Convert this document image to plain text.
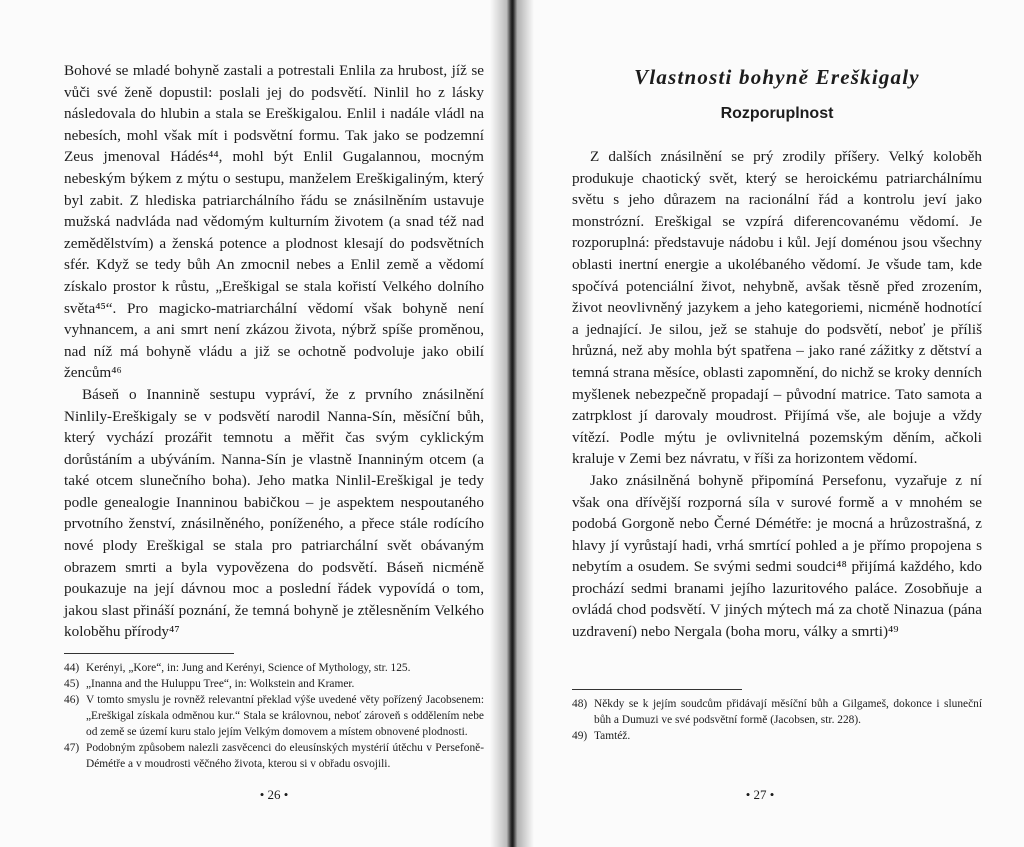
Bohové se mladé bohyně zastali a potrestali Enlila za hrubost, jíž se vůči své ženě dopustil: poslali jej do podsvětí. Ninlil ho z lásky následovala do hlubin a stala se Ereškigalou. Enlil i nadále vládl na nebesích, mohl však mít i podsvětní formu. Tak jako se podzemní Zeus jmenoval Hádés⁴⁴, mohl být Enlil Gugalannou, mocným nebeským býkem z mýtu o sestupu, manželem Ereškigaliným, který byl zabit. Z hlediska patriarchálního řádu se znásilněním ustavuje mužská nadvláda nad vědomým kulturním životem (a snad též nad zemědělstvím) a ženská potence a plodnost klesají do podsvětních sfér. Když se tedy bůh An zmocnil nebes a Enlil země a vědomí získalo prostor k růstu, „Ereškigal se stala kořistí Velkého dolního světa⁴⁵“. Pro magicko-matriarchální vědomí však bohyně není vyhnancem, a ani smrt není zkázou života, nýbrž spíše proměnou, nad níž má bohyně vládu a již se ochotně podvoluje jako obilí žencům⁴⁶

Báseň o Inannině sestupu vypráví, že z prvního znásilnění Ninlily-Ereškigaly se v podsvětí narodil Nanna-Sín, měsíční bůh, který vychází prozářit temnotu a měřit čas svým cyklickým dorůstáním a ubýváním. Nanna-Sín je vlastně Inanniným otcem (a také otcem slunečního boha). Jeho matka Ninlil-Ereškigal je tedy podle genealogie Inanninou babičkou – je aspektem nespoutaného prvotního ženství, znásilněného, poníženého, a přece stále rodícího nové plody Ereškigal se stala pro patriarchální svět obávaným obrazem smrti a byla vypovězena do podsvětí. Báseň nicméně poukazuje na její dávnou moc a poslední řádek vypovídá o tom, jakou slast přináší poznání, že temná bohyně je ztělesněním Velkého koloběhu přírody⁴⁷

44) Kerényi, „Kore“, in: Jung and Kerényi, Science of Mythology, str. 125.
45) „Inanna and the Huluppu Tree“, in: Wolkstein and Kramer.
46) V tomto smyslu je rovněž relevantní překlad výše uvedené věty pořízený Jacobsenem: „Ereškigal získala odměnou kur.“ Stala se královnou, neboť zároveň s oddělením nebe od země se území kuru stalo jejím Velkým domovem a místem obnovené plodnosti.
47) Podobným způsobem nalezli zasvěcenci do eleusínských mystérií útěchu v Persefoně-Démétře a v moudrosti věčného života, kterou si v obřadu osvojili.
• 26 •
Vlastnosti bohyně Ereškigaly
Rozporuplnost

Z dalších znásilnění se prý zrodily příšery. Velký koloběh produkuje chaotický svět, který se heroickému patriarchálnímu světu s jeho důrazem na racionální řád a kontrolu jeví jako monstrózní. Ereškigal se vzpírá diferencovanému vědomí. Je rozporuplná: představuje nádobu i kůl. Její doménou jsou všechny oblasti inertní energie a ukolébaného vědomí. Je všude tam, kde spočívá potenciální život, nehybně, avšak těsně před zrozením, život neovlivněný jazykem a jeho kategoriemi, nicméně hodnotící a jednající. Je silou, jež se stahuje do podsvětí, neboť je příliš hrůzná, než aby mohla být spatřena – jako rané zážitky z dětství a temná strana měsíce, oblasti zapomnění, do nichž se kroky denních myšlenek nebezpečně propadají – původní matrice. Tato samota a zatrpklost jí darovaly moudrost. Přijímá vše, ale bojuje a vždy vítězí. Podle mýtu je ovlivnitelná pozemským děním, ačkoli kraluje v Zemi bez návratu, v říši za horizontem vědomí.

Jako znásilněná bohyně připomíná Persefonu, vyzařuje z ní však ona dřívější rozporná síla v surové formě a v mnohém se podobá Gorgoně nebo Černé Démétře: je mocná a hrůzostrašná, z hlavy jí vyrůstají hadi, vrhá smrtící pohled a je přímo propojena s nebytím a osudem. Se svými sedmi soudci⁴⁸ přijímá každého, kdo prochází sedmi branami jejího lazuritového paláce. Zosobňuje a ovládá chod podsvětí. V jiných mýtech má za chotě Ninazua (pána uzdravení) nebo Nergala (boha moru, války a smrti)⁴⁹

48) Někdy se k jejím soudcům přidávají měsíční bůh a Gilgameš, dokonce i sluneční bůh a Dumuzi ve své podsvětní formě (Jacobsen, str. 228).
49) Tamtéž.
• 27 •
